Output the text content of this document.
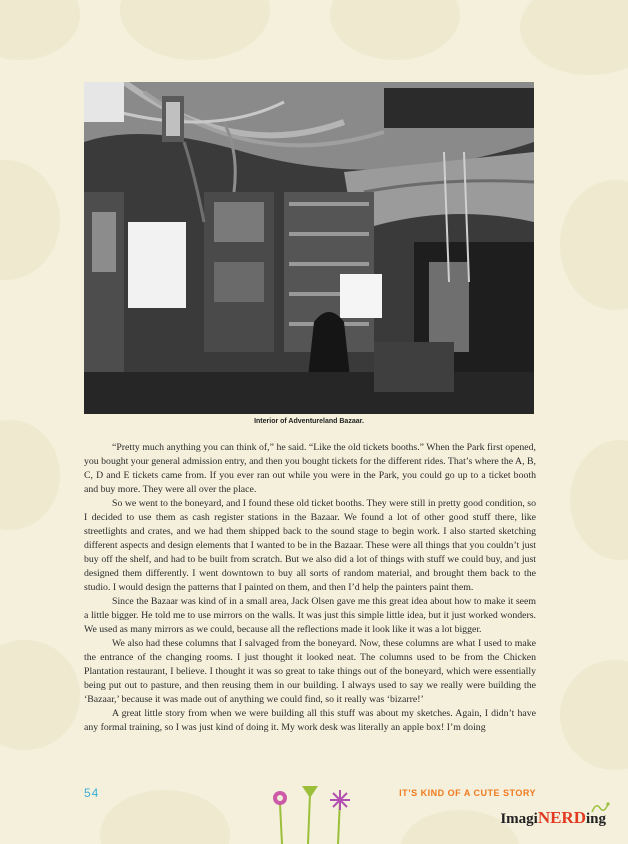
Interior of Adventureland Bazaar.

“Pretty much anything you can think of,” he said. “Like the old tickets booths.” When the Park first opened, you bought your general admission entry, and then you bought tickets for the different rides. That’s where the A, B, C, D and E tickets came from. If you ever ran out while you were in the Park, you could go up to a ticket booth and buy more. They were all over the place.

So we went to the boneyard, and I found these old ticket booths. They were still in pretty good condition, so I decided to use them as cash register stations in the Bazaar. We found a lot of other good stuff there, like streetlights and crates, and we had them shipped back to the sound stage to begin work. I also started sketching different aspects and design elements that I wanted to be in the Bazaar. These were all things that you couldn’t just buy off the shelf, and had to be built from scratch. But we also did a lot of things with stuff we could buy, and just designed them differently. I went downtown to buy all sorts of random material, and brought them back to the studio. I would design the patterns that I painted on them, and then I’d help the painters paint them.

Since the Bazaar was kind of in a small area, Jack Olsen gave me this great idea about how to make it seem a little bigger. He told me to use mirrors on the walls. It was just this simple little idea, but it just worked wonders. We used as many mirrors as we could, because all the reflections made it look like it was a lot bigger.

We also had these columns that I salvaged from the boneyard. Now, these columns are what I used to make the entrance of the changing rooms. I just thought it looked neat. The columns used to be from the Chicken Plantation restaurant, I believe. I thought it was so great to take things out of the boneyard, which were essentially being put out to pasture, and then reusing them in our building. I always used to say we really were building the ‘Bazaar,’ because it was made out of anything we could find, so it really was ‘bizarre!’

A great little story from when we were building all this stuff was about my sketches. Again, I didn’t have any formal training, so I was just kind of doing it. My work desk was literally an apple box! I’m doing

54	IT’S KIND OF A CUTE STORY
ImagiNERDing
